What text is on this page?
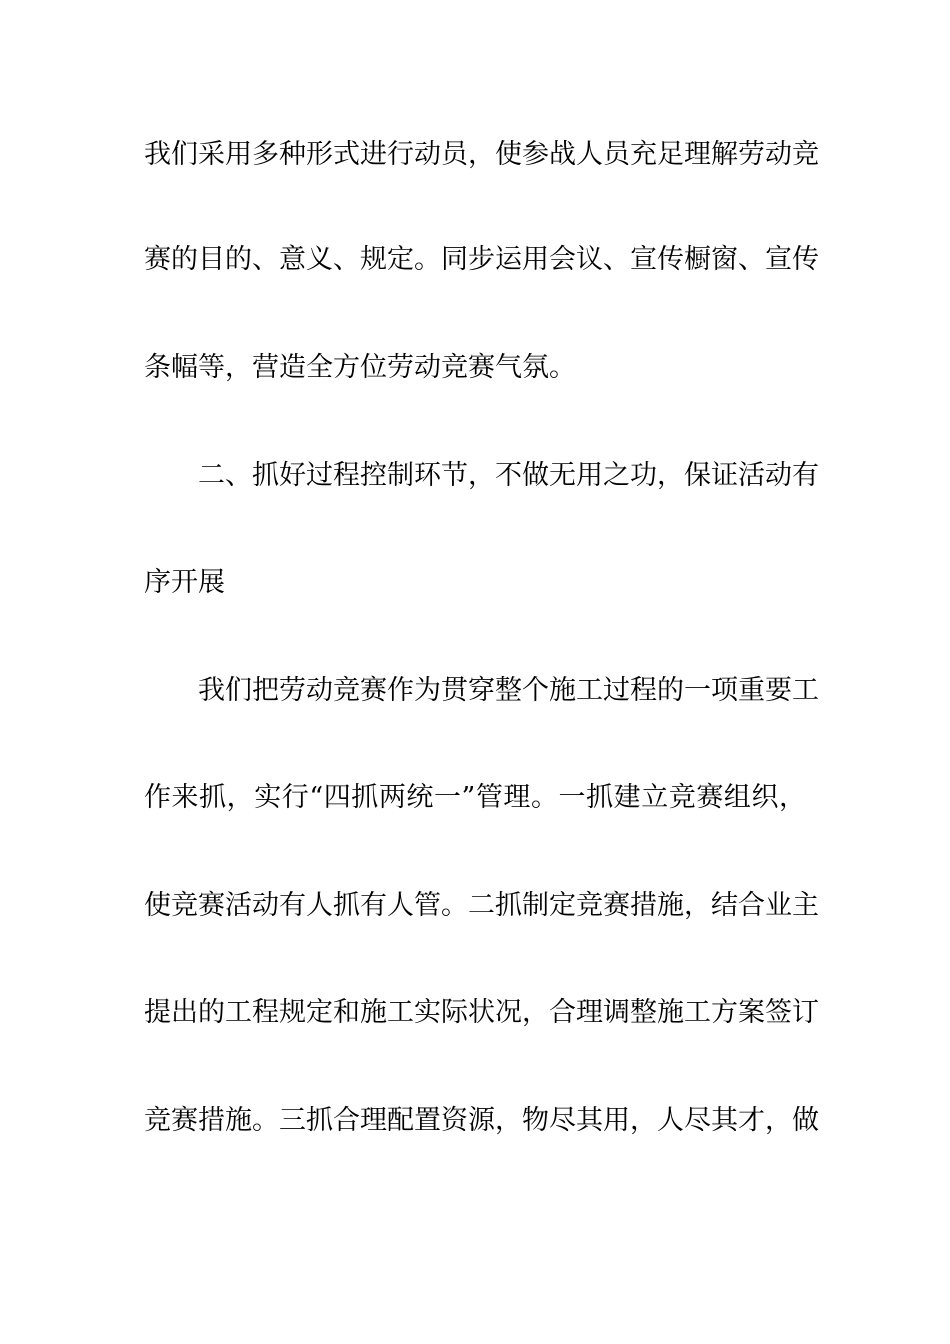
我们采用多种形式进行动员，使参战人员充足理解劳动竞
赛的目的、意义、规定。同步运用会议、宣传橱窗、宣传
条幅等，营造全方位劳动竞赛气氛。
二、抓好过程控制环节，不做无用之功，保证活动有
序开展
我们把劳动竞赛作为贯穿整个施工过程的一项重要工
作来抓，实行“四抓两统一”管理。一抓建立竞赛组织，
使竞赛活动有人抓有人管。二抓制定竞赛措施，结合业主
提出的工程规定和施工实际状况，合理调整施工方案签订
竞赛措施。三抓合理配置资源，物尽其用，人尽其才，做
